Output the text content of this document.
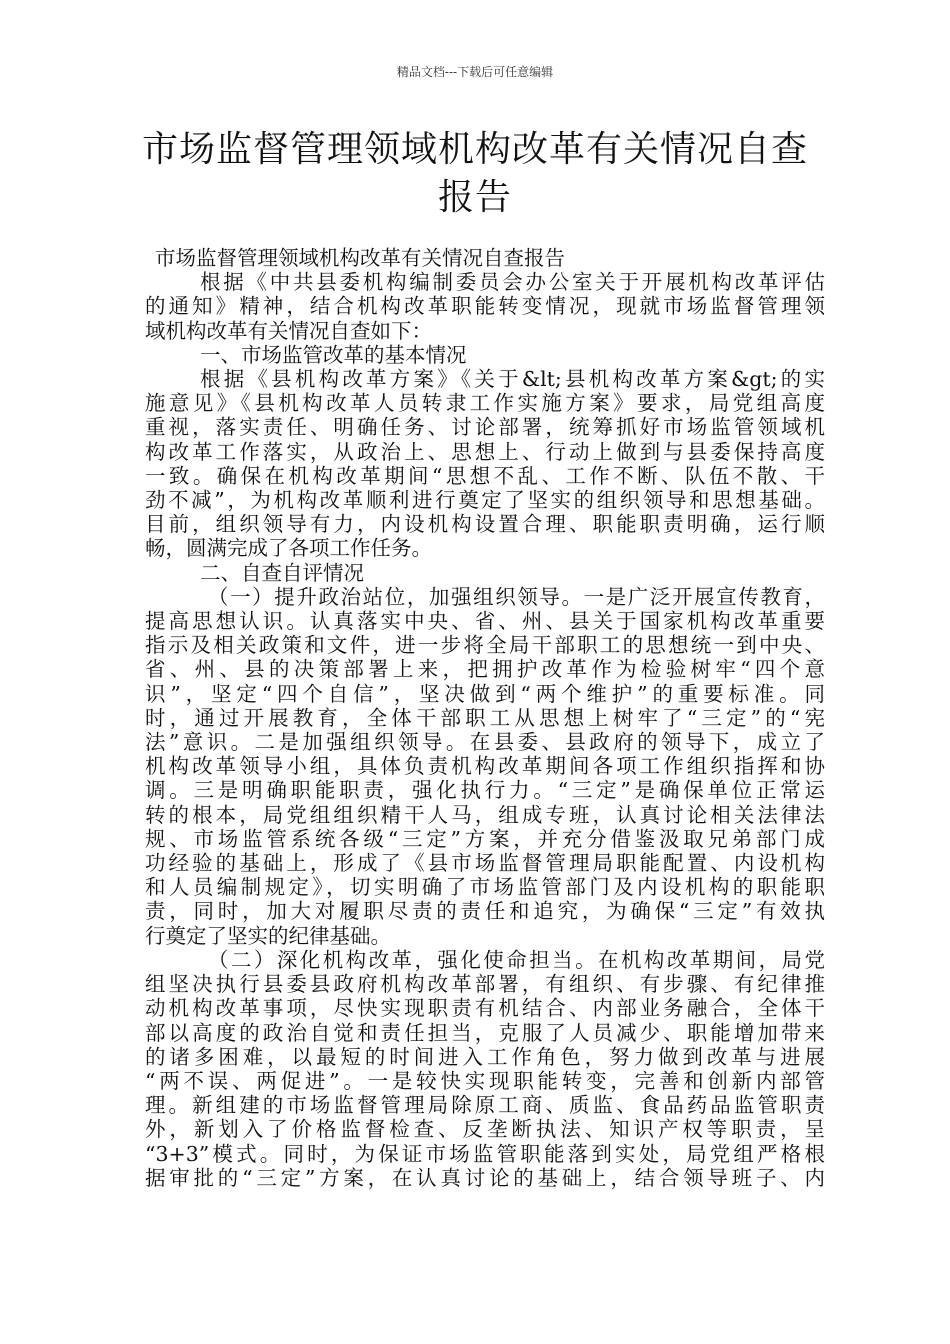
精品文档---下载后可任意编辑
市场监督管理领域机构改革有关情况自查
报告

市场监督管理领域机构改革有关情况自查报告

根据《中共县委机构编制委员会办公室关于开展机构改革评估
的通知》精神，结合机构改革职能转变情况，现就市场监督管理领
域机构改革有关情况自查如下：

一、市场监管改革的基本情况

根据《县机构改革方案》《关于&lt;县机构改革方案&gt;的实
施意见》《县机构改革人员转隶工作实施方案》要求，局党组高度
重视，落实责任、明确任务、讨论部署，统筹抓好市场监管领域机
构改革工作落实，从政治上、思想上、行动上做到与县委保持高度
一致。确保在机构改革期间“思想不乱、工作不断、队伍不散、干
劲不减”，为机构改革顺利进行奠定了坚实的组织领导和思想基础。
目前，组织领导有力，内设机构设置合理、职能职责明确，运行顺
畅，圆满完成了各项工作任务。

二、自查自评情况

（一）提升政治站位，加强组织领导。一是广泛开展宣传教育，
提高思想认识。认真落实中央、省、州、县关于国家机构改革重要
指示及相关政策和文件，进一步将全局干部职工的思想统一到中央、
省、州、县的决策部署上来，把拥护改革作为检验树牢“四个意
识”，坚定“四个自信”，坚决做到“两个维护”的重要标准。同
时，通过开展教育，全体干部职工从思想上树牢了“三定”的“宪
法”意识。二是加强组织领导。在县委、县政府的领导下，成立了
机构改革领导小组，具体负责机构改革期间各项工作组织指挥和协
调。三是明确职能职责，强化执行力。“三定”是确保单位正常运
转的根本，局党组组织精干人马，组成专班，认真讨论相关法律法
规、市场监管系统各级“三定”方案，并充分借鉴汲取兄弟部门成
功经验的基础上，形成了《县市场监督管理局职能配置、内设机构
和人员编制规定》，切实明确了市场监管部门及内设机构的职能职
责，同时，加大对履职尽责的责任和追究，为确保“三定”有效执
行奠定了坚实的纪律基础。

（二）深化机构改革，强化使命担当。在机构改革期间，局党
组坚决执行县委县政府机构改革部署，有组织、有步骤、有纪律推
动机构改革事项，尽快实现职责有机结合、内部业务融合，全体干
部以高度的政治自觉和责任担当，克服了人员减少、职能增加带来
的诸多困难，以最短的时间进入工作角色，努力做到改革与进展
“两不误、两促进”。一是较快实现职能转变，完善和创新内部管
理。新组建的市场监督管理局除原工商、质监、食品药品监管职责
外，新划入了价格监督检查、反垄断执法、知识产权等职责，呈
“3+3”模式。同时，为保证市场监管职能落到实处，局党组严格根
据审批的“三定”方案，在认真讨论的基础上，结合领导班子、内
